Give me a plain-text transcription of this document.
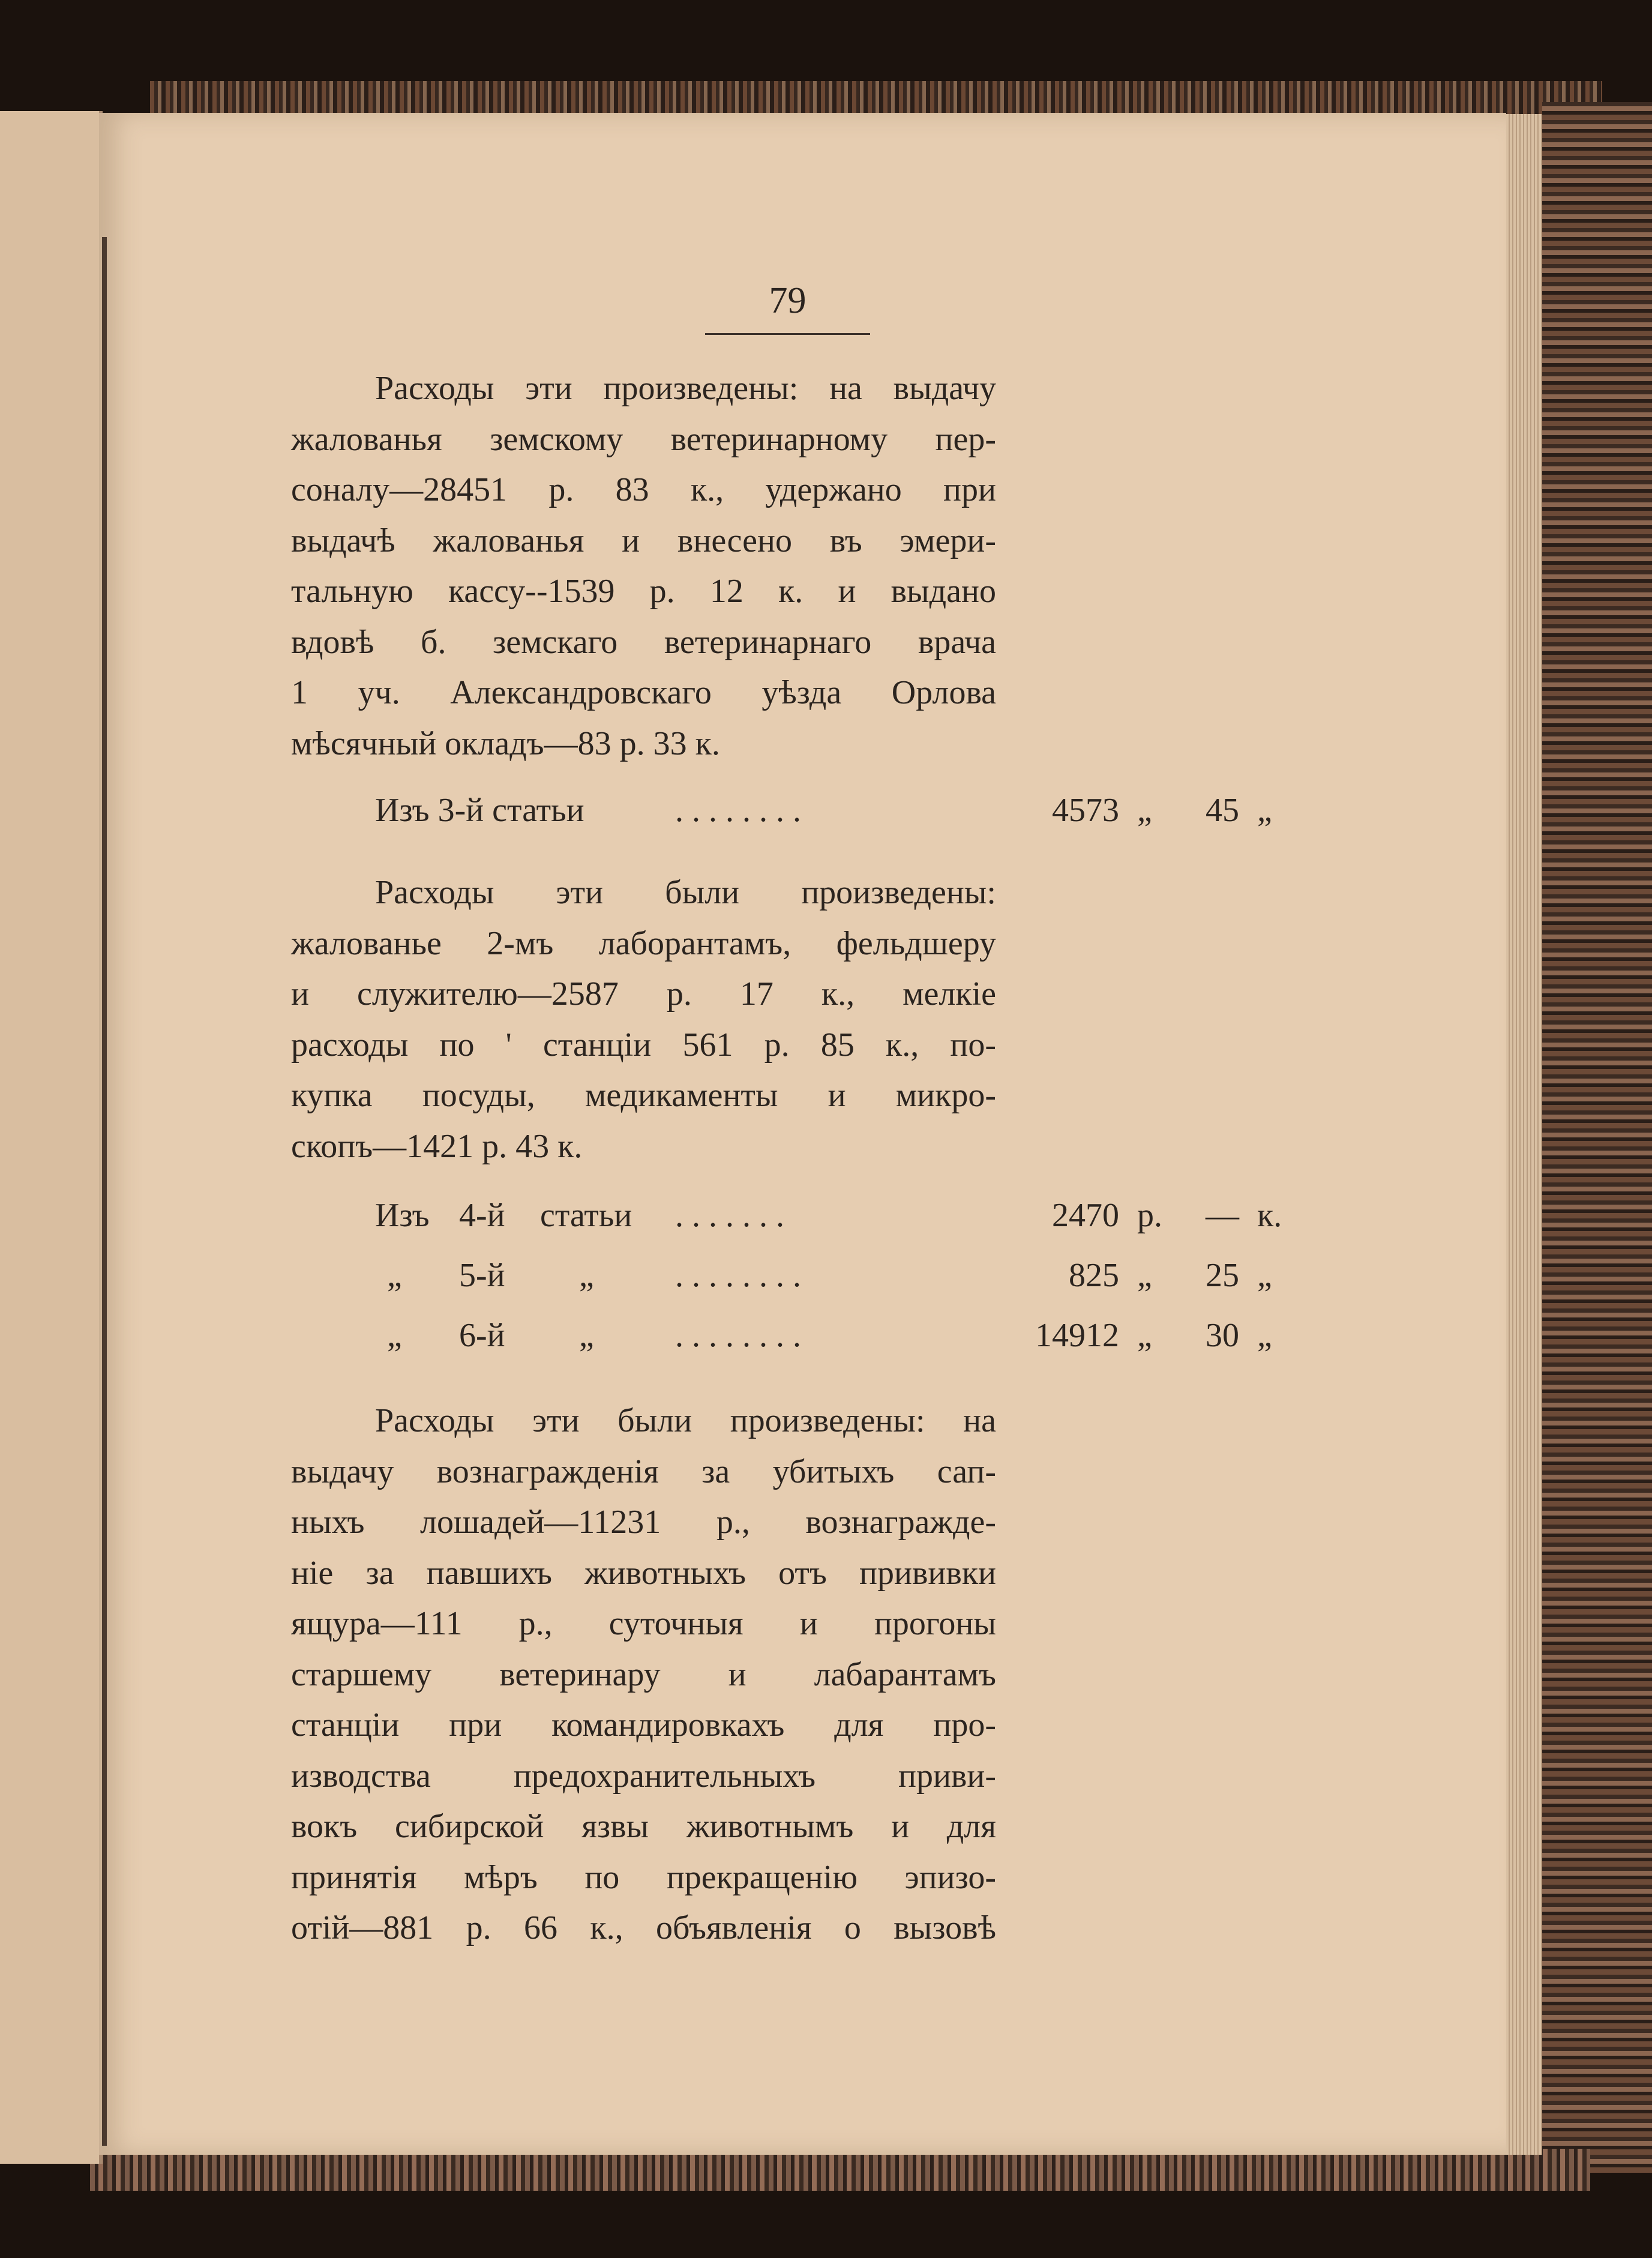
79
Расходы эти произведены: на выдачу
жалованья земскому ветеринарному пер-
соналу—28451 р. 83 к., удержано при
выдачѣ жалованья и внесено въ эмери-
тальную кассу--1539 р. 12 к. и выдано
вдовѣ б. земскаго ветеринарнаго врача
1 уч. Александровскаго уѣзда Орлова
мѣсячный окладъ—83 р. 33 к.
Изъ 3-й статьи	. . . . . . . .	4573 „	45 „
Расходы эти были произведены:
жалованье 2-мъ лаборантамъ, фельдшеру
и служителю—2587 р. 17 к., мелкіе
расходы по ' станціи 561 р. 85 к., по-
купка посуды, медикаменты и микро-
скопъ—1421 р. 43 к.
Изъ 4-й статьи . . . . . . .	2470 р.	— к.
„ 5-й „ . . . . . . . .	825 „	25 „
„ 6-й „ . . . . . . . .	14912 „	30 „
Расходы эти были произведены: на
выдачу вознагражденія за убитыхъ сап-
ныхъ лошадей—11231 р., вознагражде-
ніе за павшихъ животныхъ отъ прививки
ящура—111 р., суточныя и прогоны
старшему ветеринару и лабарантамъ
станціи при командировкахъ для про-
изводства предохранительныхъ приви-
вокъ сибирской язвы животнымъ и для
принятія мѣръ по прекращенію эпизо-
отій—881 р. 66 к., объявленія о вызовѣ
